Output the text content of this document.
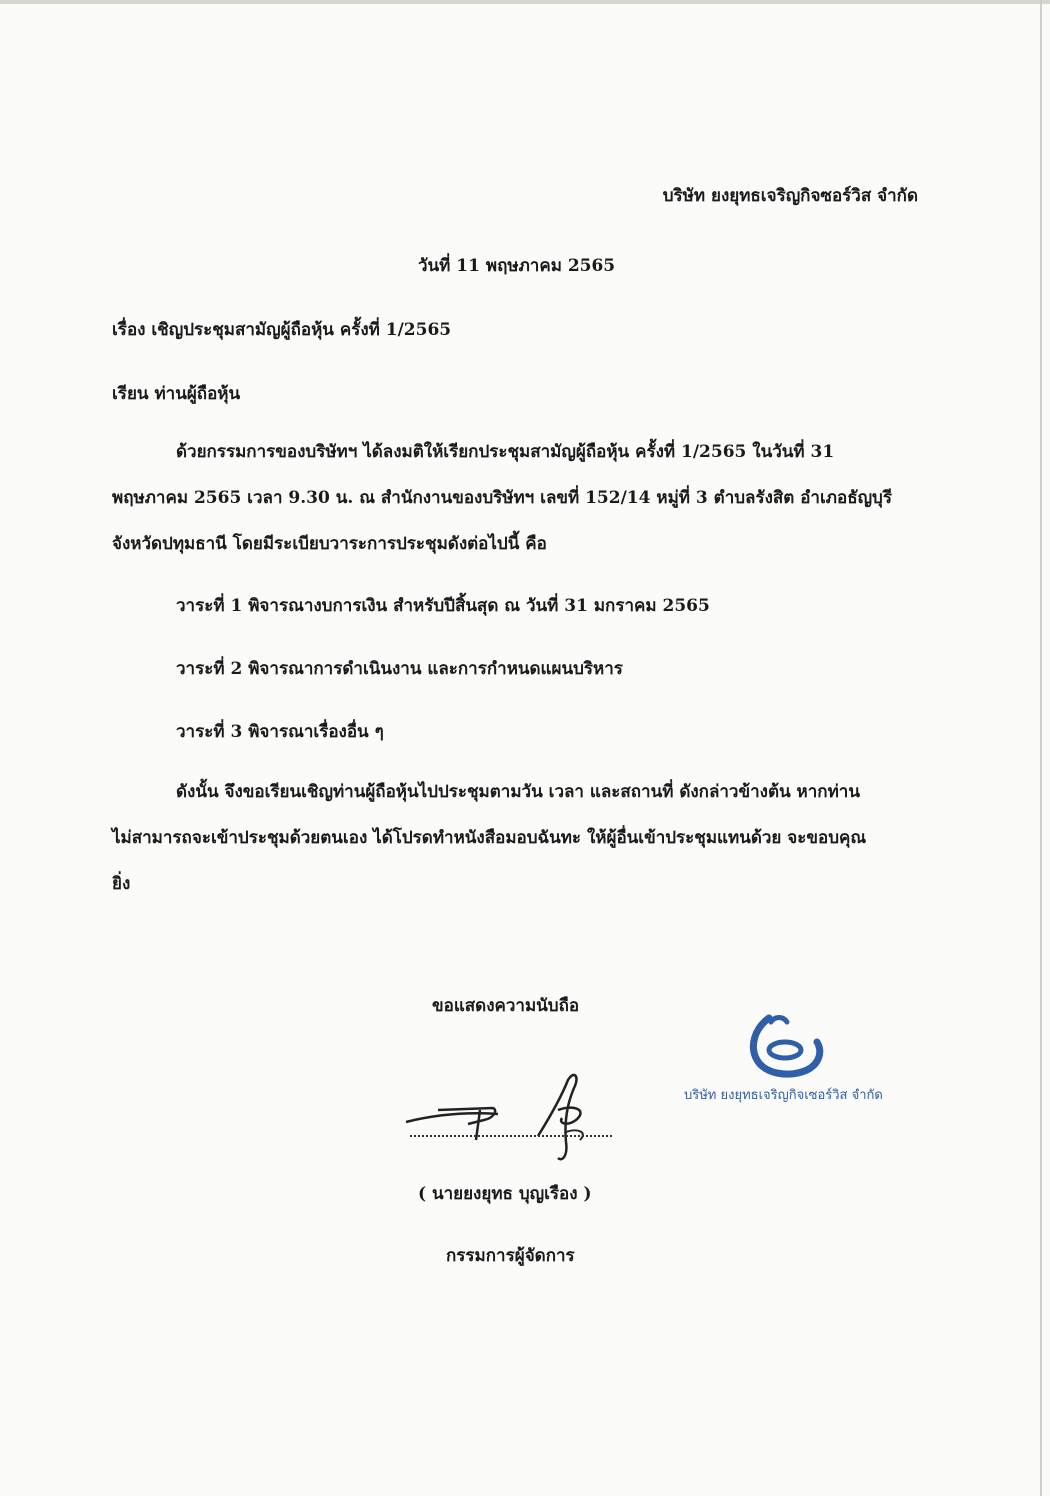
บริษัท ยงยุทธเจริญกิจซอร์วิส จำกัด
วันที่ 11 พฤษภาคม 2565
เรื่อง เชิญประชุมสามัญผู้ถือหุ้น ครั้งที่ 1/2565
เรียน ท่านผู้ถือหุ้น
ด้วยกรรมการของบริษัทฯ ได้ลงมติให้เรียกประชุมสามัญผู้ถือหุ้น ครั้งที่ 1/2565 ในวันที่ 31
พฤษภาคม 2565 เวลา 9.30 น. ณ สำนักงานของบริษัทฯ เลขที่ 152/14 หมู่ที่ 3 ตำบลรังสิต อำเภอธัญบุรี
จังหวัดปทุมธานี โดยมีระเบียบวาระการประชุมดังต่อไปนี้ คือ
วาระที่ 1 พิจารณางบการเงิน สำหรับปีสิ้นสุด ณ วันที่ 31 มกราคม 2565
วาระที่ 2 พิจารณาการดำเนินงาน และการกำหนดแผนบริหาร
วาระที่ 3 พิจารณาเรื่องอื่น ๆ
ดังนั้น จึงขอเรียนเชิญท่านผู้ถือหุ้นไปประชุมตามวัน เวลา และสถานที่ ดังกล่าวข้างต้น หากท่าน
ไม่สามารถจะเข้าประชุมด้วยตนเอง ได้โปรดทำหนังสือมอบฉันทะ ให้ผู้อื่นเข้าประชุมแทนด้วย จะขอบคุณ
ยิ่ง
ขอแสดงความนับถือ
( นายยงยุทธ บุญเรือง )
กรรมการผู้จัดการ
บริษัท ยงยุทธเจริญกิจเซอร์วิส จำกัด
